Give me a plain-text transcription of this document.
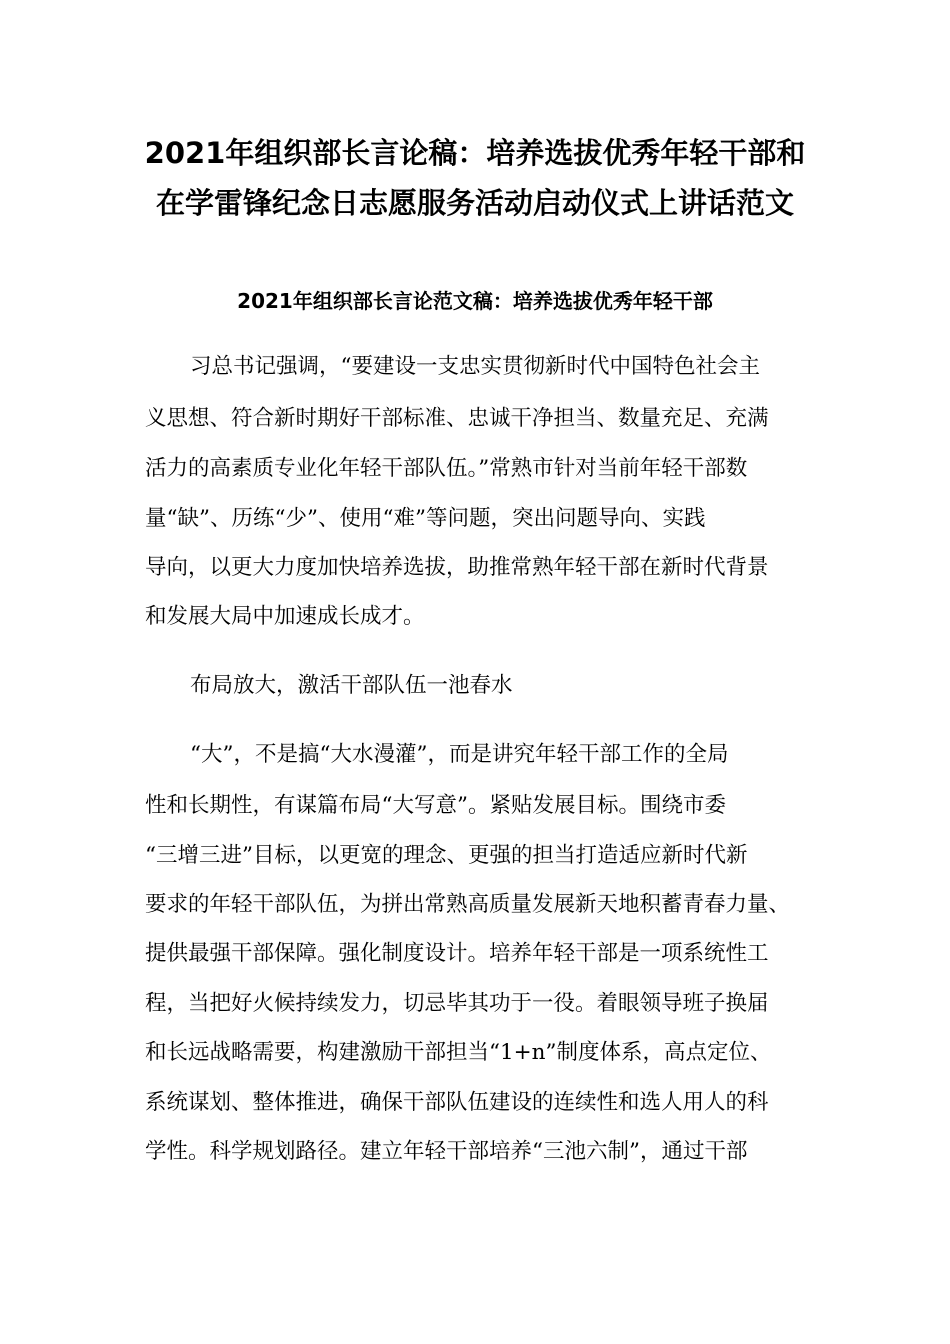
2021年组织部长言论稿：培养选拔优秀年轻干部和
在学雷锋纪念日志愿服务活动启动仪式上讲话范文
2021年组织部长言论范文稿：培养选拔优秀年轻干部
习总书记强调，“要建设一支忠实贯彻新时代中国特色社会主
义思想、符合新时期好干部标准、忠诚干净担当、数量充足、充满
活力的高素质专业化年轻干部队伍。”常熟市针对当前年轻干部数
量“缺”、历练“少”、使用“难”等问题，突出问题导向、实践
导向，以更大力度加快培养选拔，助推常熟年轻干部在新时代背景
和发展大局中加速成长成才。
布局放大，激活干部队伍一池春水
“大”，不是搞“大水漫灌”，而是讲究年轻干部工作的全局
性和长期性，有谋篇布局“大写意”。紧贴发展目标。围绕市委
“三增三进”目标，以更宽的理念、更强的担当打造适应新时代新
要求的年轻干部队伍，为拼出常熟高质量发展新天地积蓄青春力量、
提供最强干部保障。强化制度设计。培养年轻干部是一项系统性工
程，当把好火候持续发力，切忌毕其功于一役。着眼领导班子换届
和长远战略需要，构建激励干部担当“1+n”制度体系，高点定位、
系统谋划、整体推进，确保干部队伍建设的连续性和选人用人的科
学性。科学规划路径。建立年轻干部培养“三池六制”，通过干部
